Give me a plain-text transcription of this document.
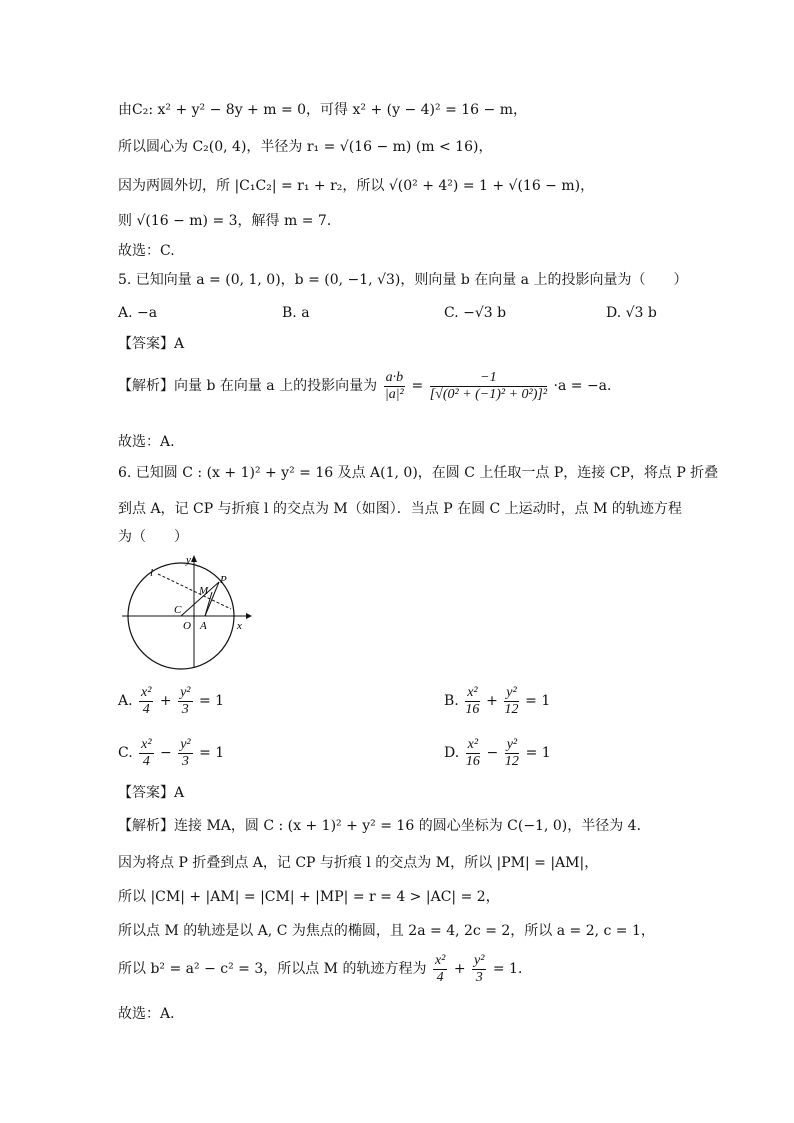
由C₂: x² + y² − 8y + m = 0，可得 x² + (y − 4)² = 16 − m，
所以圆心为 C₂(0, 4)，半径为 r₁ = √(16 − m) (m < 16)，
因为两圆外切，所 |C₁C₂| = r₁ + r₂，所以 √(0² + 4²) = 1 + √(16 − m)，
则 √(16 − m) = 3，解得 m = 7．
故选：C.
5. 已知向量 a = (0, 1, 0)，b = (0, −1, √3)，则向量 b 在向量 a 上的投影向量为（　　）
A. −a	B. a	C. −√3 b	D. √3 b
【答案】A
【解析】向量 b 在向量 a 上的投影向量为 $\frac{a\cdot b}{\text{|a|²}} = \frac{-1}{\text{[√(0² + (−1)² + 0²)]²}} \cdot a = -a$．
故选：A.
6. 已知圆 C : (x + 1)² + y² = 16 及点 A(1, 0)，在圆 C 上任取一点 P，连接 CP，将点 P 折叠
到点 A，记 CP 与折痕 l 的交点为 M（如图）．当点 P 在圆 C 上运动时，点 M 的轨迹方程
为（　　）
y
x
l
M
P
C
O A
A. $\frac{\text{x²}}{4} + \frac{\text{y²}}{3} = 1$	B. $\frac{\text{x²}}{16} + \frac{\text{y²}}{12} = 1$
C. $\frac{\text{x²}}{4} - \frac{\text{y²}}{3} = 1$	D. $\frac{\text{x²}}{16} - \frac{\text{y²}}{12} = 1$
【答案】A
【解析】连接 MA，圆 C : (x + 1)² + y² = 16 的圆心坐标为 C(−1, 0)，半径为 4．
因为将点 P 折叠到点 A，记 CP 与折痕 l 的交点为 M，所以 |PM| = |AM|，
所以 |CM| + |AM| = |CM| + |MP| = r = 4 > |AC| = 2，
所以点 M 的轨迹是以 A, C 为焦点的椭圆，且 2a = 4, 2c = 2，所以 a = 2, c = 1，
所以 b² = a² − c² = 3，所以点 M 的轨迹方程为 $\frac{\text{x²}}{4} + \frac{\text{y²}}{3} = 1$．
故选：A．
